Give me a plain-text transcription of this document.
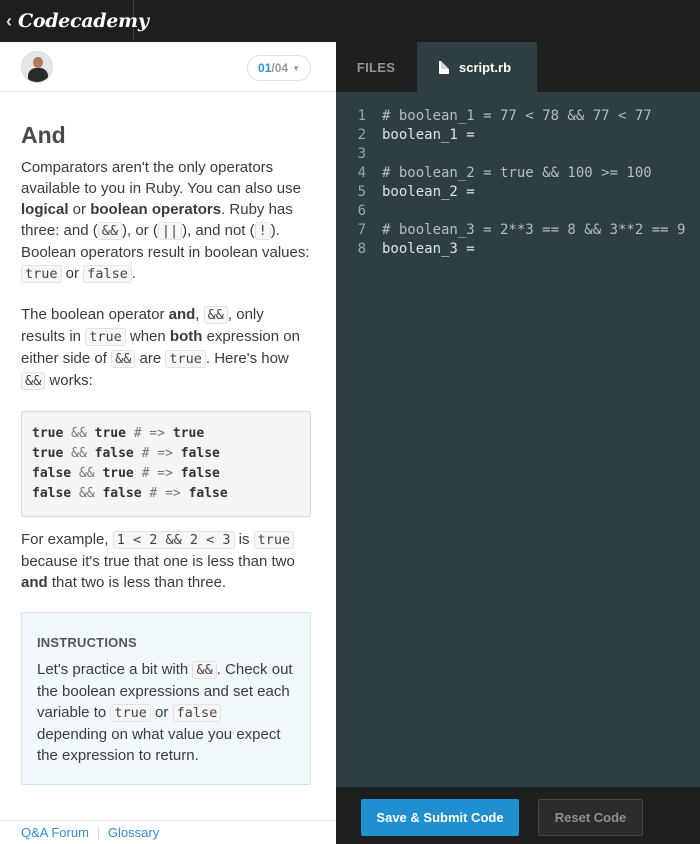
‹ Codecademy
01 /04 ▼
And

Comparators aren't the only operators available to you in Ruby. You can also use logical or boolean operators. Ruby has three: and ( && ), or ( || ), and not ( ! ). Boolean operators result in boolean values: true or false .

The boolean operator and, && , only results in true when both expression on either side of && are true . Here's how && works:

true && true # => true
true && false # => false
false && true # => false
false && false # => false

For example, 1 < 2 && 2 < 3 is true because it's true that one is less than two and that two is less than three.

INSTRUCTIONS

Let's practice a bit with && . Check out the boolean expressions and set each variable to true or false depending on what value you expect the expression to return.

Q&A Forum Glossary
FILES	script.rb
1	# boolean_1 = 77 < 78 && 77 < 77
2	boolean_1 =
3
4	# boolean_2 = true && 100 >= 100
5	boolean_2 =
6
7	# boolean_3 = 2**3 == 8 && 3**2 == 9
8	boolean_3 =
Save & Submit Code	Reset Code
